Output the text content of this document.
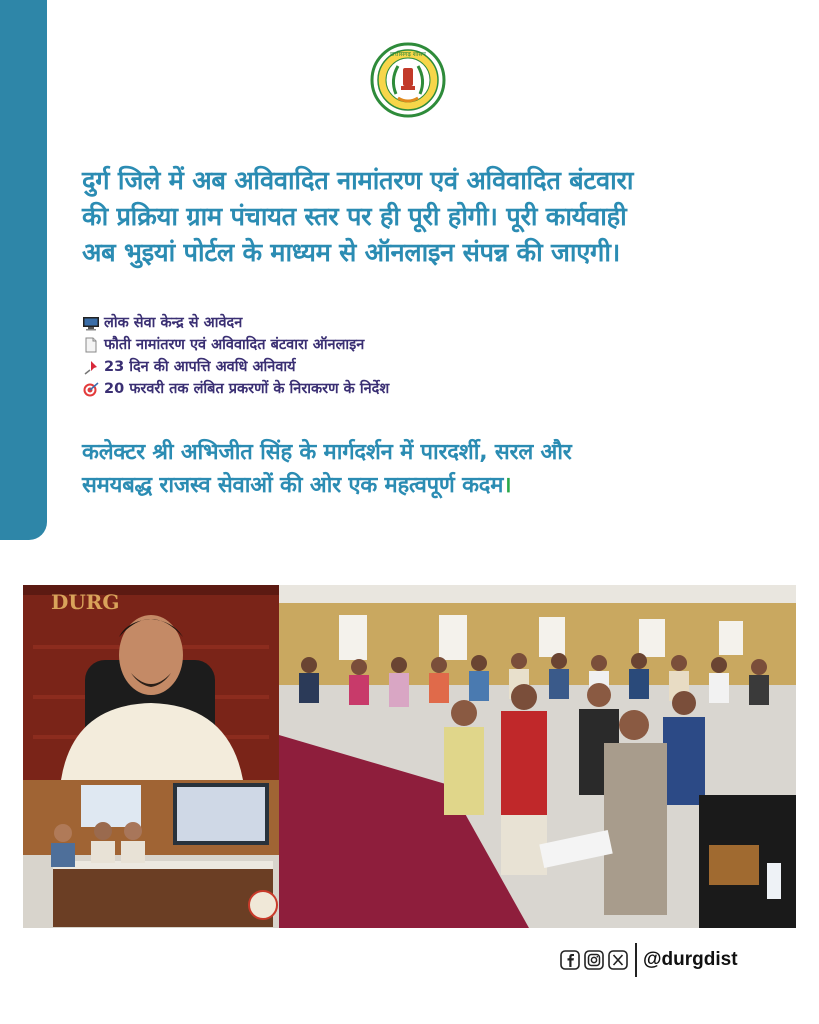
छत्तीसगढ़ शासन
दुर्ग जिले में अब अविवादित नामांतरण एवं अविवादित बंटवारा
की प्रक्रिया ग्राम पंचायत स्तर पर ही पूरी होगी। पूरी कार्यवाही
अब भुइयां पोर्टल के माध्यम से ऑनलाइन संपन्न की जाएगी।
लोक सेवा केन्द्र से आवेदन
फौती नामांतरण एवं अविवादित बंटवारा ऑनलाइन
23 दिन की आपत्ति अवधि अनिवार्य
20 फरवरी तक लंबित प्रकरणों के निराकरण के निर्देश
कलेक्टर श्री अभिजीत सिंह के मार्गदर्शन में पारदर्शी, सरल और
समयबद्ध राजस्व सेवाओं की ओर एक महत्वपूर्ण कदम।
DURG
@durgdist
